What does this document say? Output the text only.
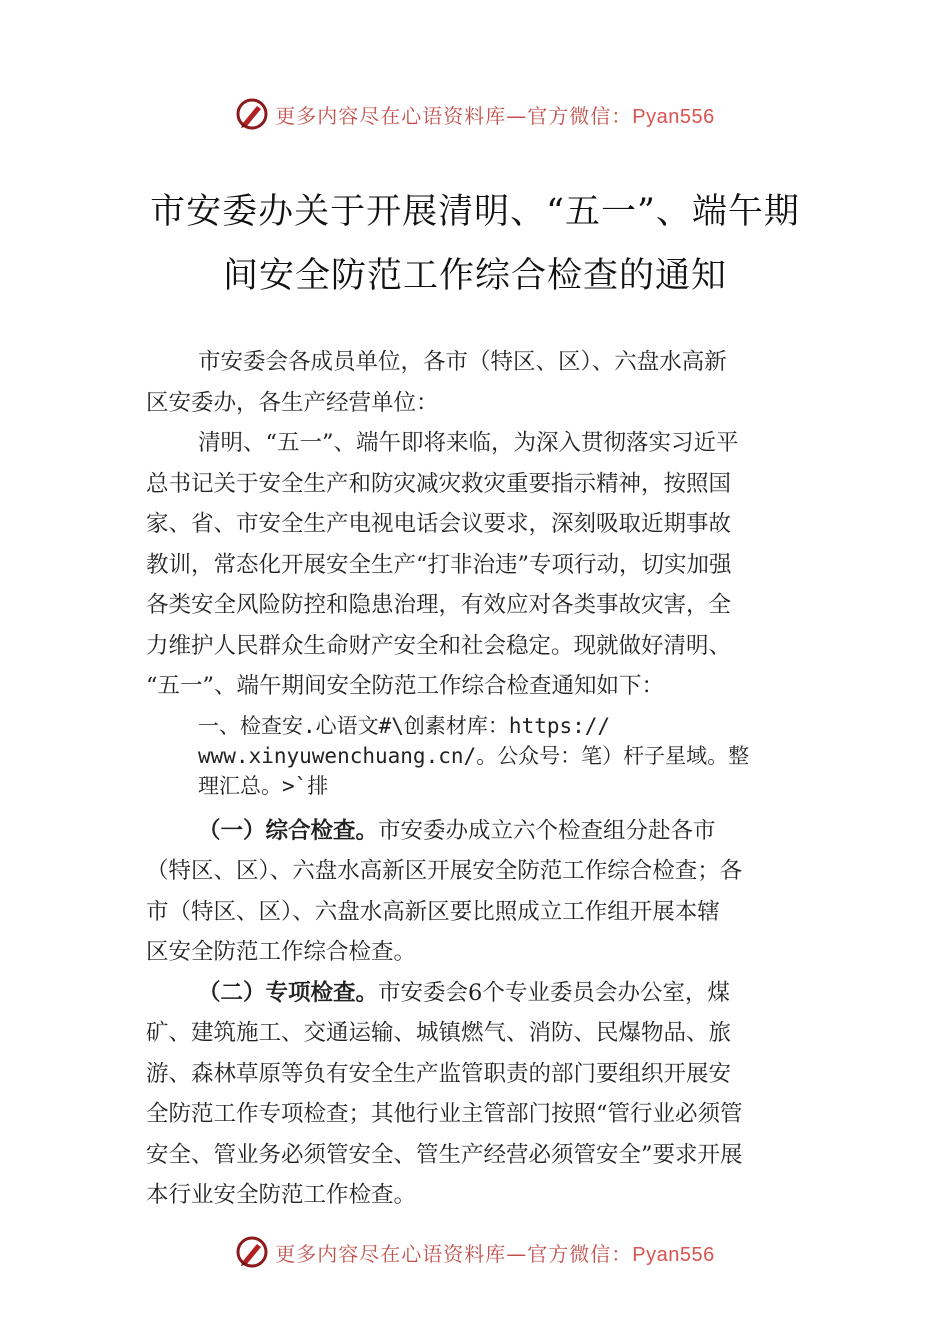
更多内容尽在心语资料库—官方微信：Pyan556
市安委办关于开展清明、“五一”、端午期
间安全防范工作综合检查的通知
市安委会各成员单位，各市（特区、区）、六盘水高新
区安委办，各生产经营单位：
清明、“五一”、端午即将来临，为深入贯彻落实习近平
总书记关于安全生产和防灾减灾救灾重要指示精神，按照国
家、省、市安全生产电视电话会议要求，深刻吸取近期事故
教训，常态化开展安全生产“打非治违”专项行动，切实加强
各类安全风险防控和隐患治理，有效应对各类事故灾害，全
力维护人民群众生命财产安全和社会稳定。现就做好清明、
“五一”、端午期间安全防范工作综合检查通知如下：
一、检查安.心语文#\创素材库：https://
www.xinyuwenchuang.cn/。公众号：笔）杆子星域。整
理汇总。>`排
（一）综合检查。市安委办成立六个检查组分赴各市
（特区、区）、六盘水高新区开展安全防范工作综合检查；各
市（特区、区）、六盘水高新区要比照成立工作组开展本辖
区安全防范工作综合检查。
（二）专项检查。市安委会6个专业委员会办公室，煤
矿、建筑施工、交通运输、城镇燃气、消防、民爆物品、旅
游、森林草原等负有安全生产监管职责的部门要组织开展安
全防范工作专项检查；其他行业主管部门按照“管行业必须管
安全、管业务必须管安全、管生产经营必须管安全”要求开展
本行业安全防范工作检查。
更多内容尽在心语资料库—官方微信：Pyan556
